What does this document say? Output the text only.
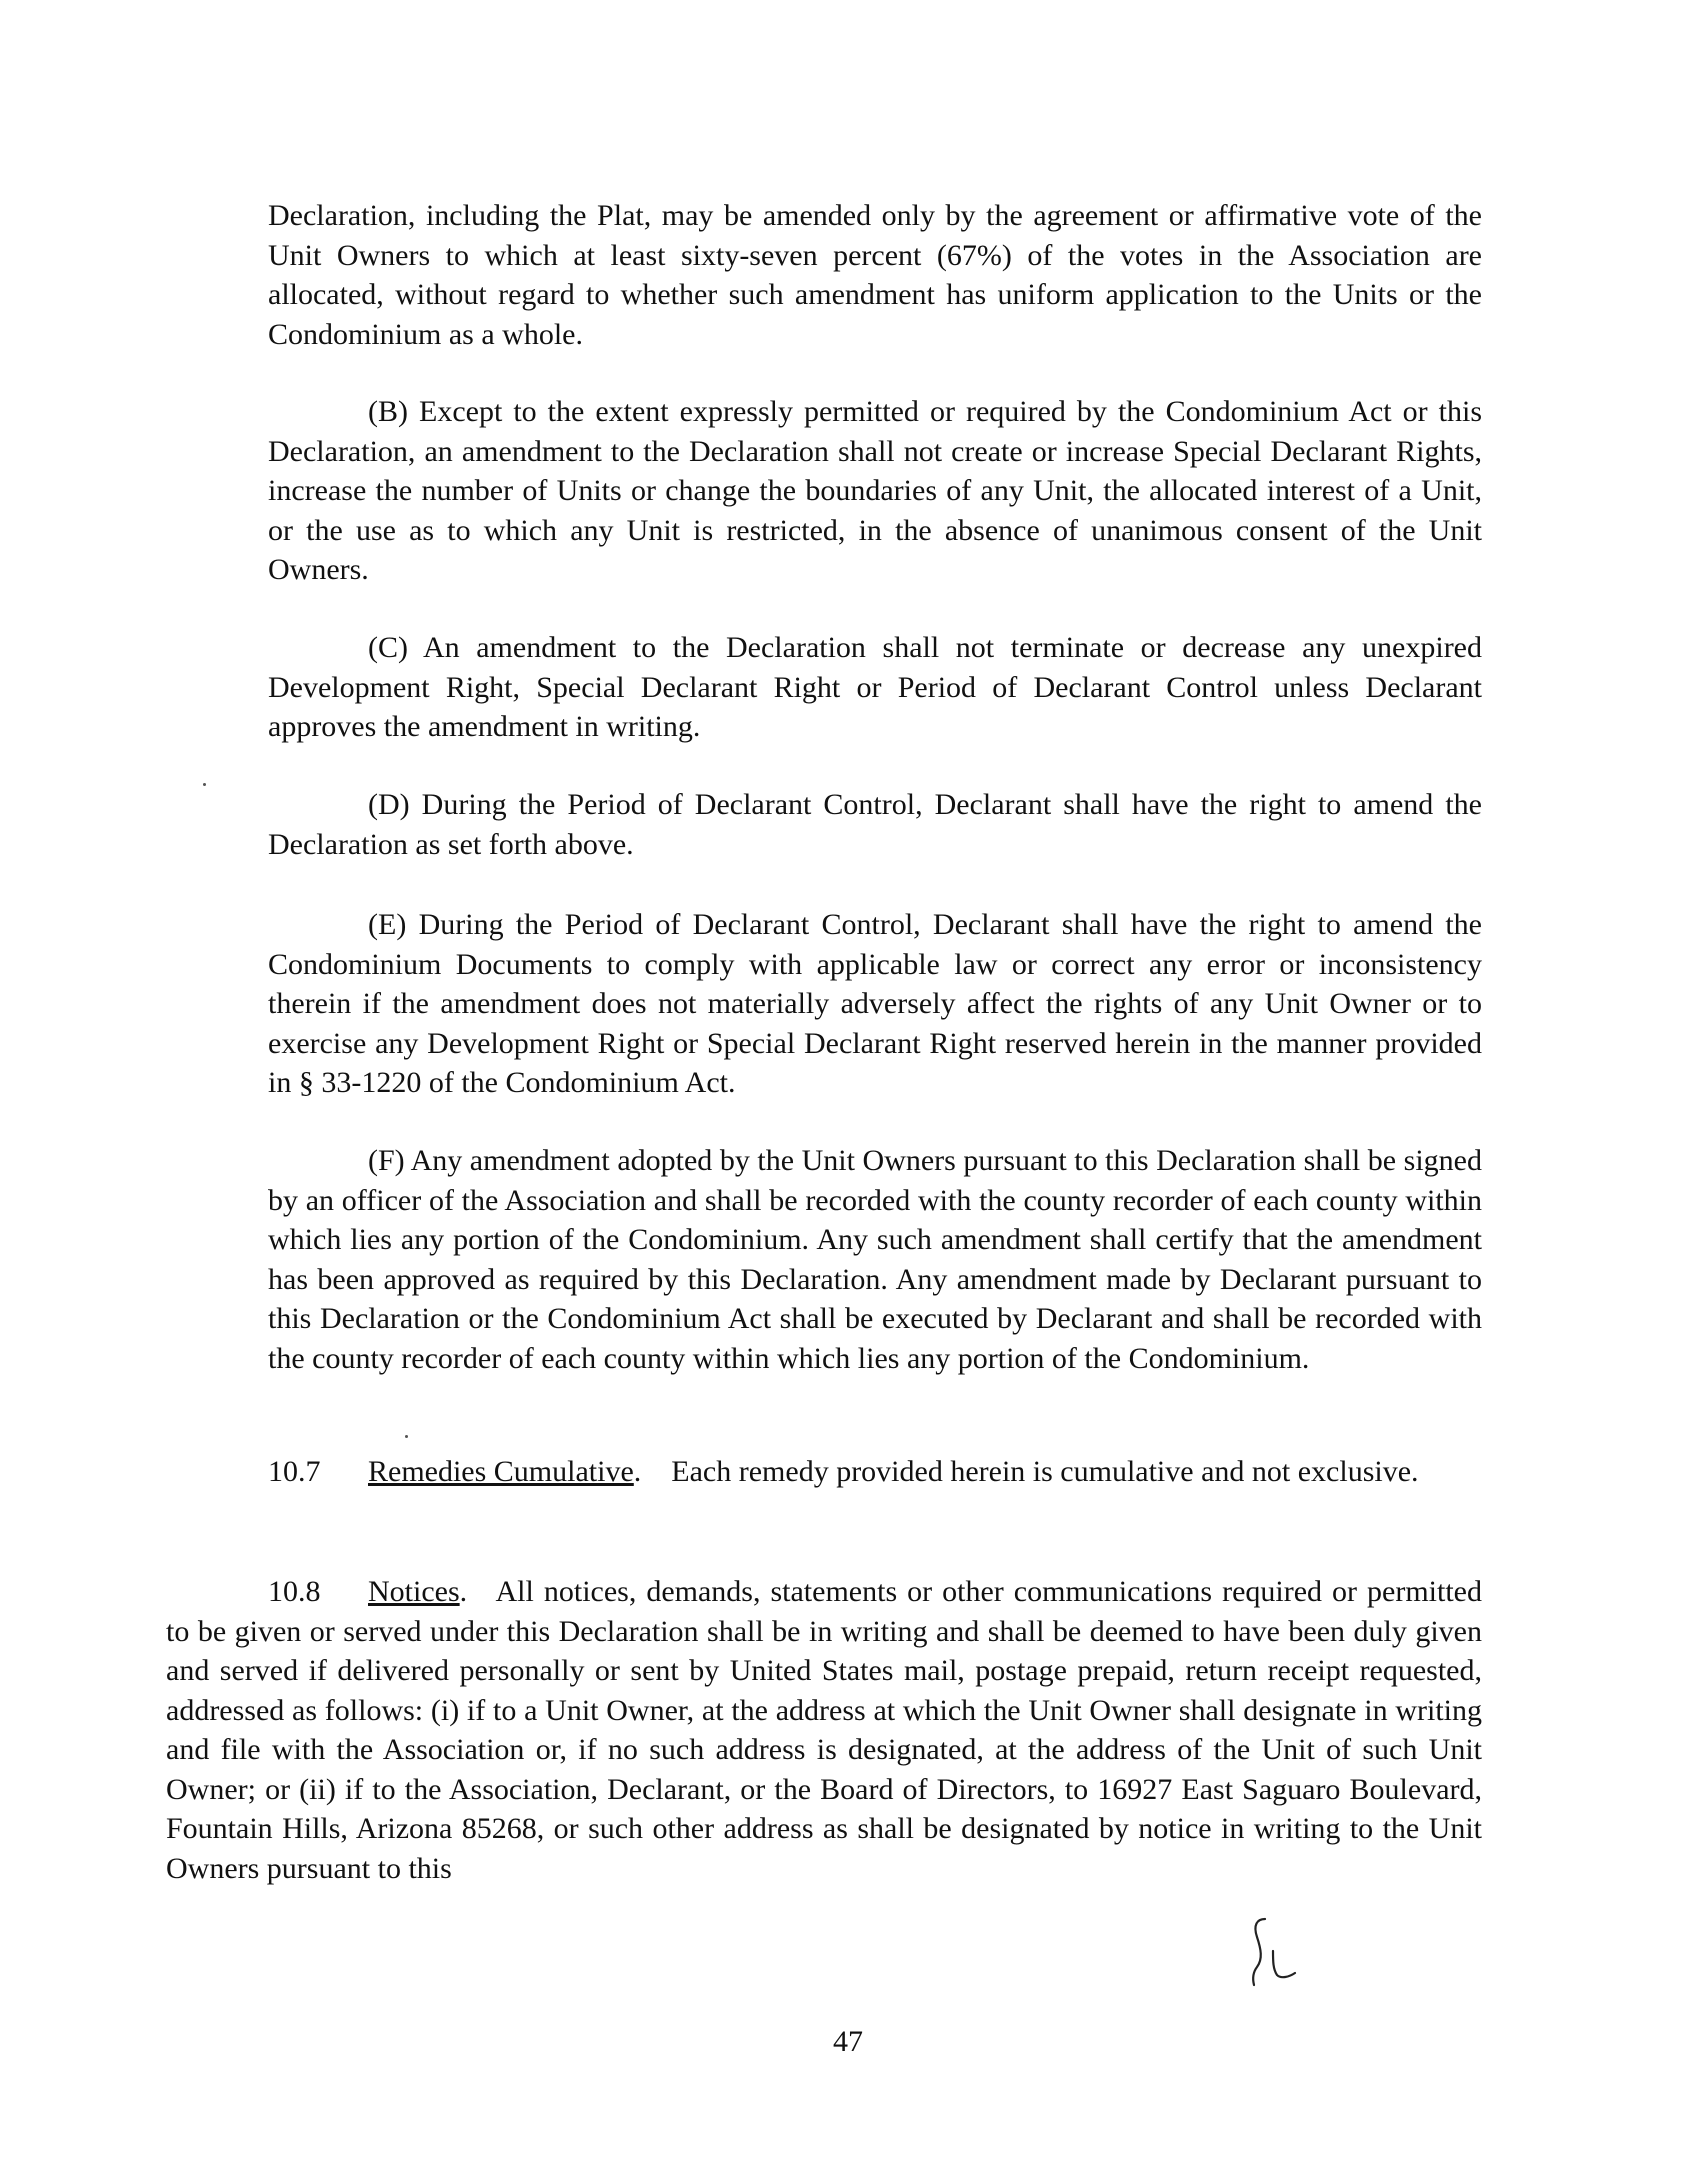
Declaration, including the Plat, may be amended only by the agreement or affirmative vote of the Unit Owners to which at least sixty-seven percent (67%) of the votes in the Association are allocated, without regard to whether such amendment has uniform application to the Units or the Condominium as a whole.

(B) Except to the extent expressly permitted or required by the Condominium Act or this Declaration, an amendment to the Declaration shall not create or increase Special Declarant Rights, increase the number of Units or change the boundaries of any Unit, the allocated interest of a Unit, or the use as to which any Unit is restricted, in the absence of unanimous consent of the Unit Owners.

(C) An amendment to the Declaration shall not terminate or decrease any unexpired Development Right, Special Declarant Right or Period of Declarant Control unless Declarant approves the amendment in writing.

(D) During the Period of Declarant Control, Declarant shall have the right to amend the Declaration as set forth above.

(E) During the Period of Declarant Control, Declarant shall have the right to amend the Condominium Documents to comply with applicable law or correct any error or inconsistency therein if the amendment does not materially adversely affect the rights of any Unit Owner or to exercise any Development Right or Special Declarant Right reserved herein in the manner provided in § 33-1220 of the Condominium Act.

(F) Any amendment adopted by the Unit Owners pursuant to this Declaration shall be signed by an officer of the Association and shall be recorded with the county recorder of each county within which lies any portion of the Condominium. Any such amendment shall certify that the amendment has been approved as required by this Declaration. Any amendment made by Declarant pursuant to this Declaration or the Condominium Act shall be executed by Declarant and shall be recorded with the county recorder of each county within which lies any portion of the Condominium.

10.7 Remedies Cumulative. Each remedy provided herein is cumulative and not exclusive.

10.8 Notices. All notices, demands, statements or other communications required or permitted to be given or served under this Declaration shall be in writing and shall be deemed to have been duly given and served if delivered personally or sent by United States mail, postage prepaid, return receipt requested, addressed as follows: (i) if to a Unit Owner, at the address at which the Unit Owner shall designate in writing and file with the Association or, if no such address is designated, at the address of the Unit of such Unit Owner; or (ii) if to the Association, Declarant, or the Board of Directors, to 16927 East Saguaro Boulevard, Fountain Hills, Arizona 85268, or such other address as shall be designated by notice in writing to the Unit Owners pursuant to this

47
